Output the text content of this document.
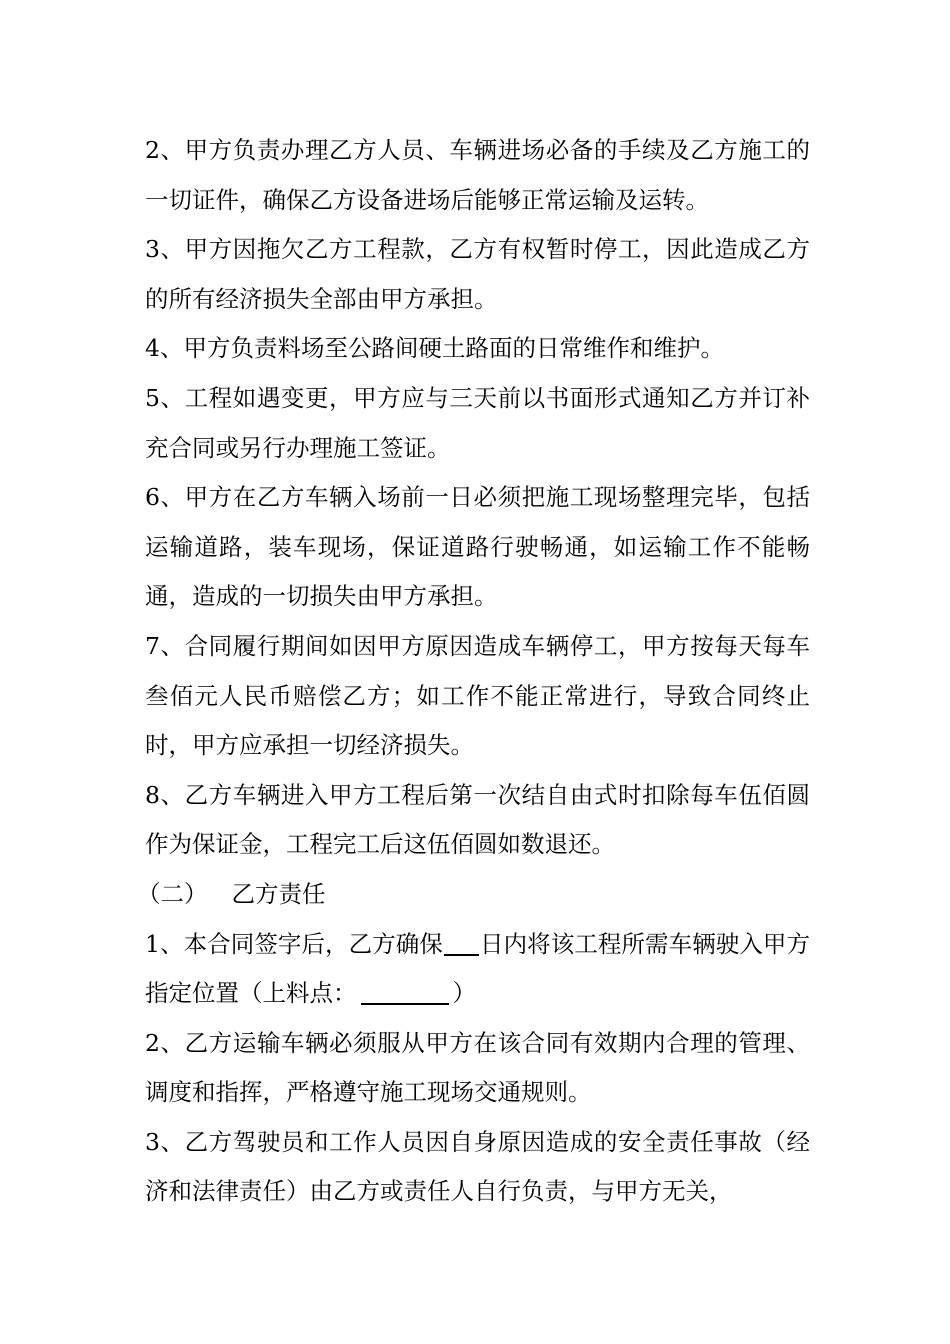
2、甲方负责办理乙方人员、车辆进场必备的手续及乙方施工的一切证件，确保乙方设备进场后能够正常运输及运转。

3、甲方因拖欠乙方工程款，乙方有权暂时停工，因此造成乙方的所有经济损失全部由甲方承担。

4、甲方负责料场至公路间硬土路面的日常维作和维护。

5、工程如遇变更，甲方应与三天前以书面形式通知乙方并订补充合同或另行办理施工签证。

6、甲方在乙方车辆入场前一日必须把施工现场整理完毕，包括运输道路，装车现场，保证道路行驶畅通，如运输工作不能畅通，造成的一切损失由甲方承担。

7、合同履行期间如因甲方原因造成车辆停工，甲方按每天每车叁佰元人民币赔偿乙方；如工作不能正常进行，导致合同终止时，甲方应承担一切经济损失。

8、乙方车辆进入甲方工程后第一次结自由式时扣除每车伍佰圆作为保证金，工程完工后这伍佰圆如数退还。

（二） 乙方责任

1、本合同签字后，乙方确保 日内将该工程所需车辆驶入甲方指定位置（上料点：	）

2、乙方运输车辆必须服从甲方在该合同有效期内合理的管理、调度和指挥，严格遵守施工现场交通规则。

3、乙方驾驶员和工作人员因自身原因造成的安全责任事故（经济和法律责任）由乙方或责任人自行负责，与甲方无关，
